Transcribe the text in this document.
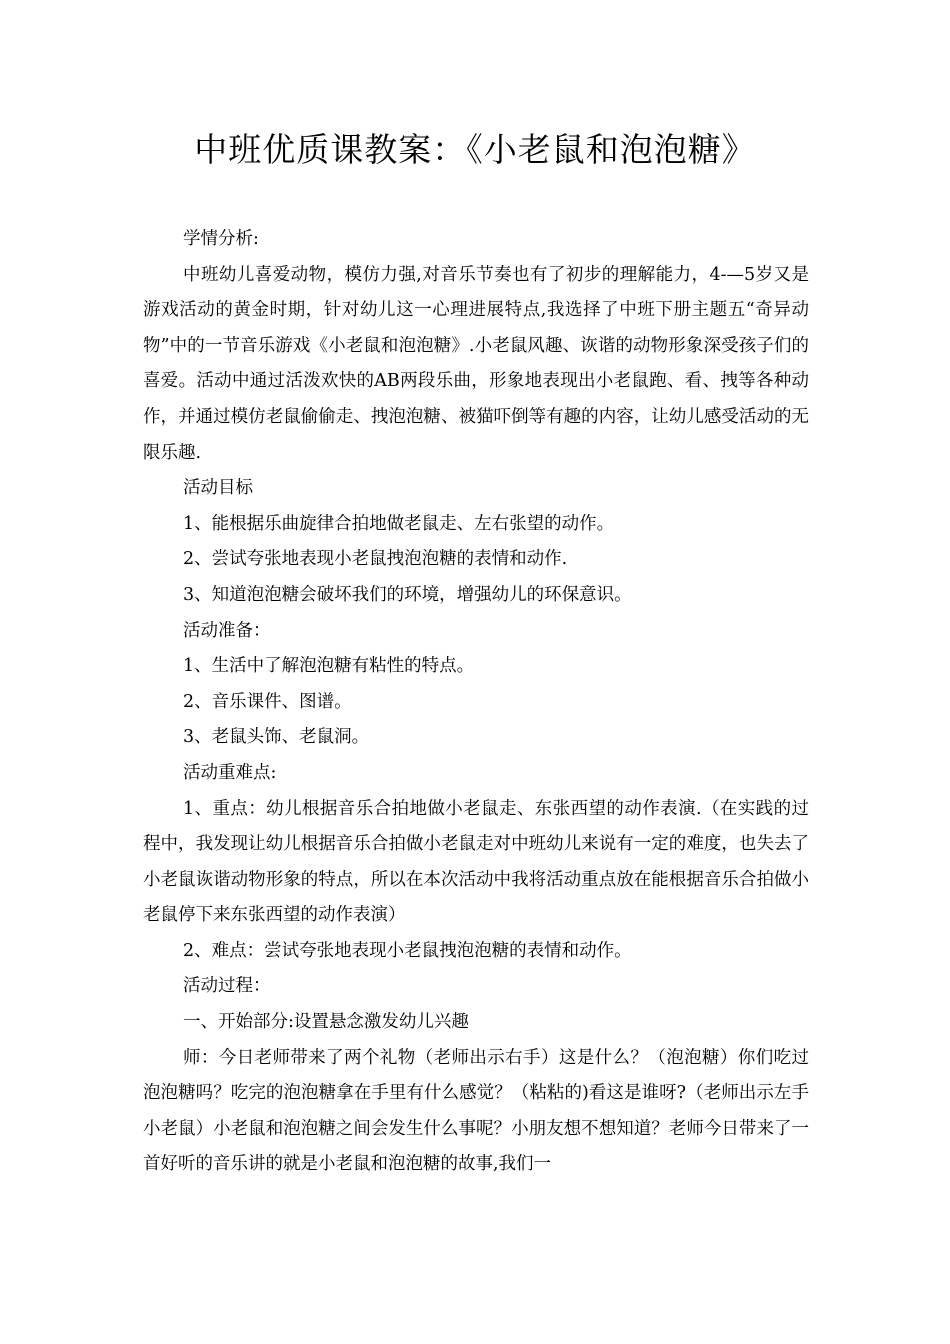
中班优质课教案：《小老鼠和泡泡糖》

学情分析:

中班幼儿喜爱动物，模仿力强,对音乐节奏也有了初步的理解能力，4-—5岁又是游戏活动的黄金时期，针对幼儿这一心理进展特点,我选择了中班下册主题五“奇异动物”中的一节音乐游戏《小老鼠和泡泡糖》.小老鼠风趣、诙谐的动物形象深受孩子们的喜爱。活动中通过活泼欢快的AB两段乐曲，形象地表现出小老鼠跑、看、拽等各种动作，并通过模仿老鼠偷偷走、拽泡泡糖、被猫吓倒等有趣的内容，让幼儿感受活动的无限乐趣.

活动目标

1、能根据乐曲旋律合拍地做老鼠走、左右张望的动作。

2、尝试夸张地表现小老鼠拽泡泡糖的表情和动作.

3、知道泡泡糖会破坏我们的环境，增强幼儿的环保意识。

活动准备：

1、生活中了解泡泡糖有粘性的特点。

2、音乐课件、图谱。

3、老鼠头饰、老鼠洞。

活动重难点:

1、重点：幼儿根据音乐合拍地做小老鼠走、东张西望的动作表演.（在实践的过程中，我发现让幼儿根据音乐合拍做小老鼠走对中班幼儿来说有一定的难度，也失去了小老鼠诙谐动物形象的特点，所以在本次活动中我将活动重点放在能根据音乐合拍做小老鼠停下来东张西望的动作表演）

2、难点：尝试夸张地表现小老鼠拽泡泡糖的表情和动作。

活动过程：

一、开始部分:设置悬念激发幼儿兴趣

师：今日老师带来了两个礼物（老师出示右手）这是什么？（泡泡糖）你们吃过泡泡糖吗？吃完的泡泡糖拿在手里有什么感觉？（粘粘的)看这是谁呀?（老师出示左手小老鼠）小老鼠和泡泡糖之间会发生什么事呢？小朋友想不想知道？老师今日带来了一首好听的音乐讲的就是小老鼠和泡泡糖的故事,我们一
